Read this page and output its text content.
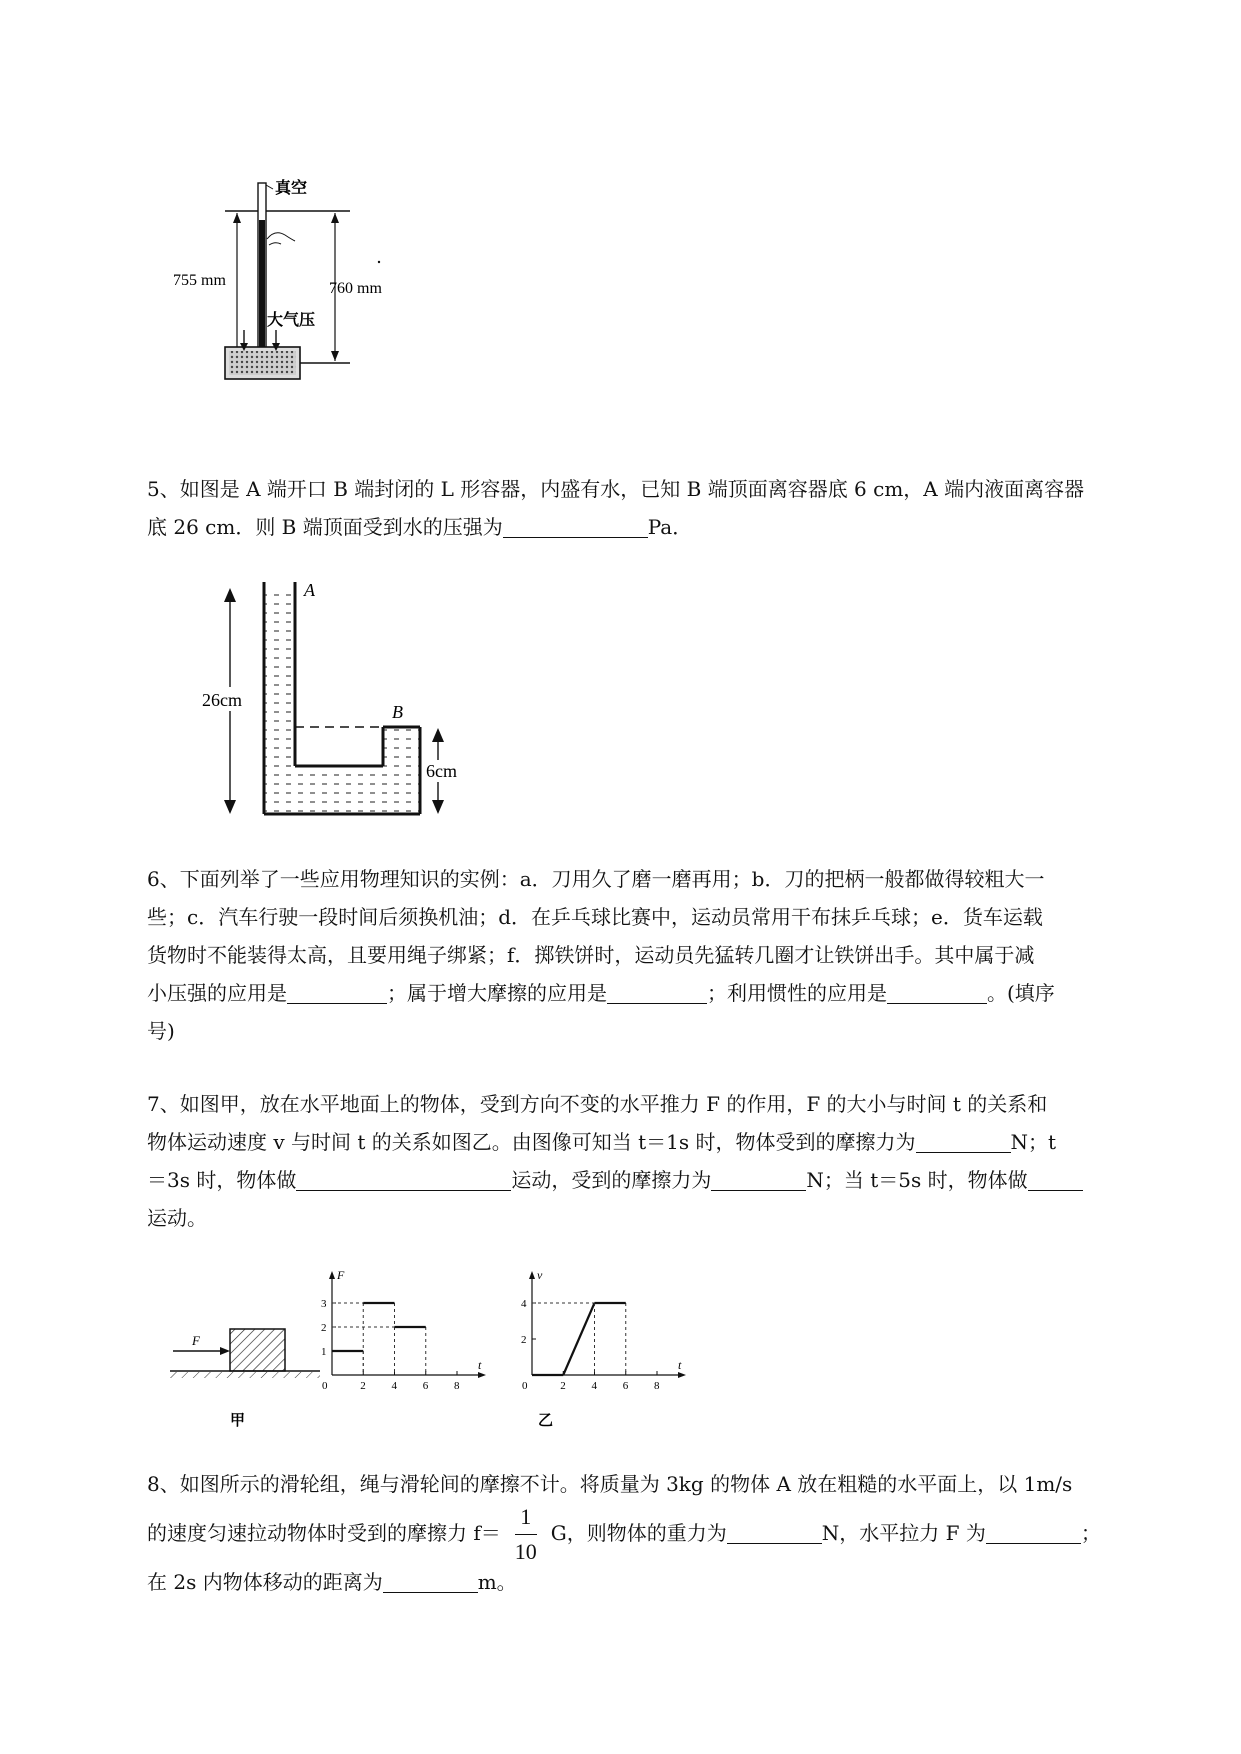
真空
755 mm	760 mm
大气压

5、如图是 A 端开口 B 端封闭的 L 形容器，内盛有水，已知 B 端顶面离容器底 6 cm，A 端内液面离容器

底 26 cm．则 B 端顶面受到水的压强为	Pa．

A
B
26cm
6cm

6、下面列举了一些应用物理知识的实例：a．刀用久了磨一磨再用；b．刀的把柄一般都做得较粗大一

些；c．汽车行驶一段时间后须换机油；d．在乒乓球比赛中，运动员常用干布抹乒乓球；e．货车运载

货物时不能装得太高，且要用绳子绑紧；f．掷铁饼时，运动员先猛转几圈才让铁饼出手。其中属于减

小压强的应用是	；属于增大摩擦的应用是	；利用惯性的应用是	。(填序

号)

7、如图甲，放在水平地面上的物体，受到方向不变的水平推力 F 的作用，F 的大小与时间 t 的关系和

物体运动速度 v 与时间 t 的关系如图乙。由图像可知当 t＝1s 时，物体受到的摩擦力为	N；t

＝3s 时，物体做	运动，受到的摩擦力为	N；当 t＝5s 时，物体做

运动。

F
甲	乙
F
t
0	2 4 6 8
1
2
3
v
t
0	2 4 6 8
2
4

8、如图所示的滑轮组，绳与滑轮间的摩擦不计。将质量为 3kg 的物体 A 放在粗糙的水平面上，以 1m/s

的速度匀速拉动物体时受到的摩擦力 $f= \frac{1}{10}$ G，则物体的重力为	N，水平拉力 F 为	；

在 2s 内物体移动的距离为	m。
